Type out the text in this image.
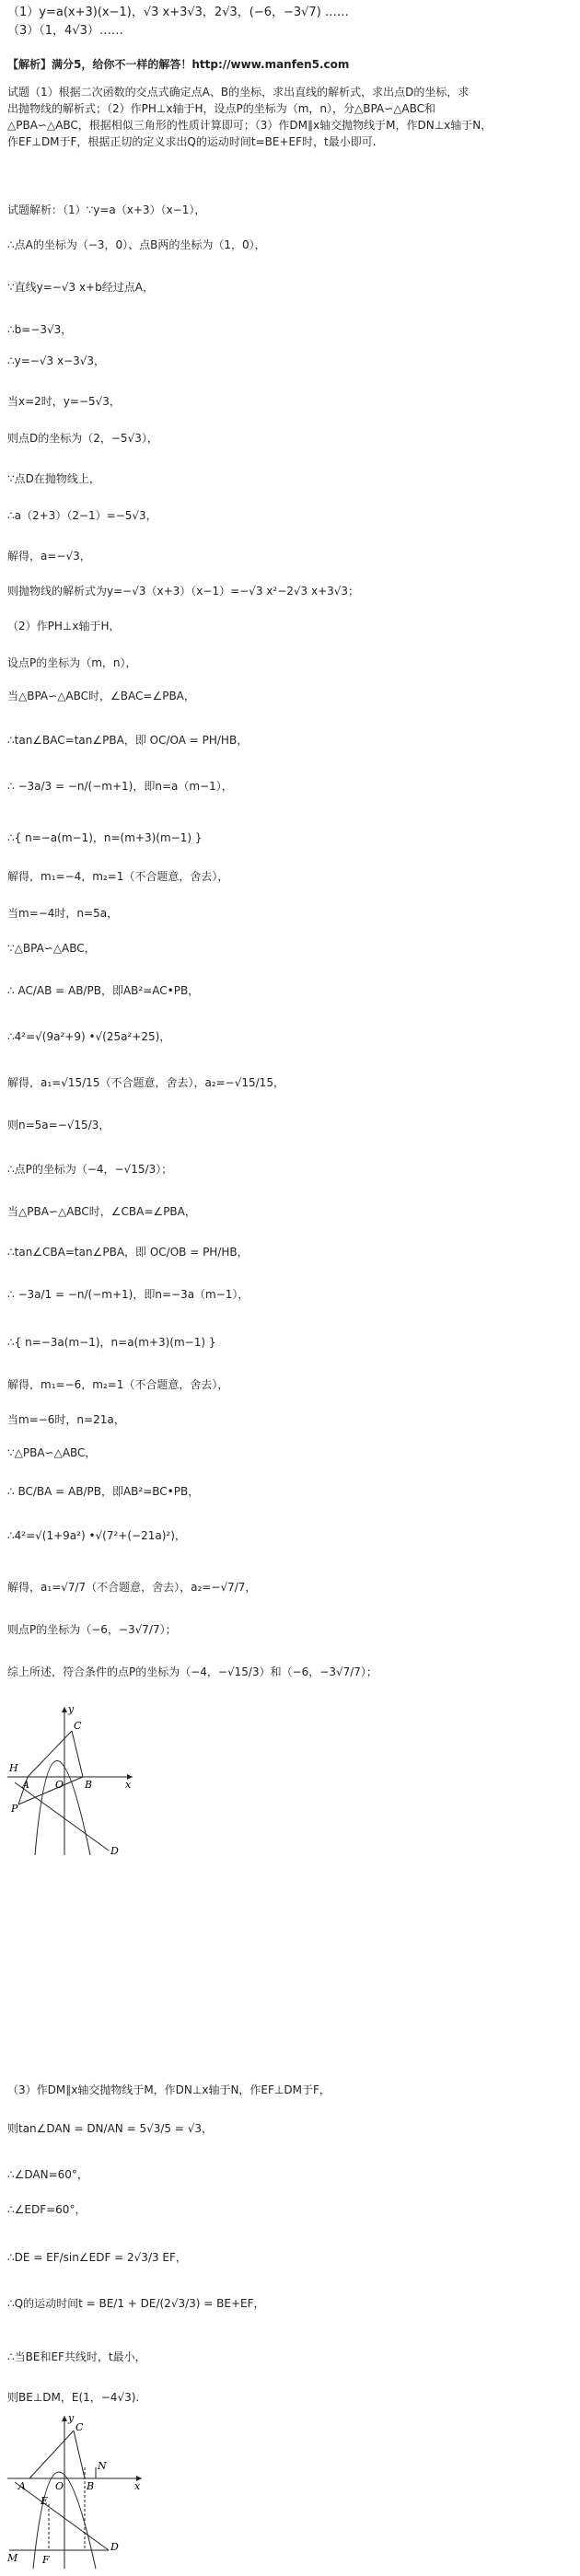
（1）y=a(x+3)(x−1)，√3 x+3√3，2√3，(−6，−3√7) ……
（3）（1，4√3）……
【解析】满分5，给你不一样的解答！http://www.manfen5.com
试题（1）根据二次函数的交点式确定点A、B的坐标，求出直线的解析式，求出点D的坐标，求
出抛物线的解析式；（2）作PH⊥x轴于H，设点P的坐标为（m，n），分△BPA∽△ABC和
△PBA∽△ABC，根据相似三角形的性质计算即可；（3）作DM∥x轴交抛物线于M，作DN⊥x轴于N，
作EF⊥DM于F，根据正切的定义求出Q的运动时间t=BE+EF时，t最小即可.
试题解析：（1）∵y=a（x+3）（x−1），
∴点A的坐标为（−3，0）、点B两的坐标为（1，0），
∵直线y=−√3 x+b经过点A，
∴b=−3√3，
∴y=−√3 x−3√3，
当x=2时，y=−5√3，
则点D的坐标为（2，−5√3），
∵点D在抛物线上，
∴a（2+3）（2−1）=−5√3，
解得，a=−√3，
则抛物线的解析式为y=−√3（x+3）（x−1）=−√3 x²−2√3 x+3√3；
（2）作PH⊥x轴于H，
设点P的坐标为（m，n），
当△BPA∽△ABC时，∠BAC=∠PBA，
∴tan∠BAC=tan∠PBA，即 OC/OA = PH/HB，
∴ −3a/3 = −n/(−m+1)，即n=a（m−1），
∴{ n=−a(m−1)，n=(m+3)(m−1) }
解得，m₁=−4，m₂=1（不合题意，舍去），
当m=−4时，n=5a，
∵△BPA∽△ABC，
∴ AC/AB = AB/PB，即AB²=AC•PB，
∴4²=√(9a²+9) •√(25a²+25)，
解得，a₁=√15/15（不合题意，舍去），a₂=−√15/15，
则n=5a=−√15/3，
∴点P的坐标为（−4，−√15/3）；
当△PBA∽△ABC时，∠CBA=∠PBA，
∴tan∠CBA=tan∠PBA，即 OC/OB = PH/HB，
∴ −3a/1 = −n/(−m+1)，即n=−3a（m−1），
∴{ n=−3a(m−1)，n=a(m+3)(m−1) }
解得，m₁=−6，m₂=1（不合题意，舍去），
当m=−6时，n=21a，
∵△PBA∽△ABC，
∴ BC/BA = AB/PB，即AB²=BC•PB，
∴4²=√(1+9a²) •√(7²+(−21a)²)，
解得，a₁=√7/7（不合题意，舍去），a₂=−√7/7，
则点P的坐标为（−6，−3√7/7）；
综上所述，符合条件的点P的坐标为（−4，−√15/3）和（−6，−3√7/7）；
（3）作DM∥x轴交抛物线于M，作DN⊥x轴于N，作EF⊥DM于F，
则tan∠DAN = DN/AN = 5√3/5 = √3，
∴∠DAN=60°，
∴∠EDF=60°，
∴DE = EF/sin∠EDF = 2√3/3 EF，
∴Q的运动时间t = BE/1 + DE/(2√3/3) = BE+EF，
∴当BE和EF共线时，t最小，
则BE⊥DM，E(1，−4√3).
y
C
H
A	O B	x
P
D
y
C
N
A	O B	x
E
D
M F
